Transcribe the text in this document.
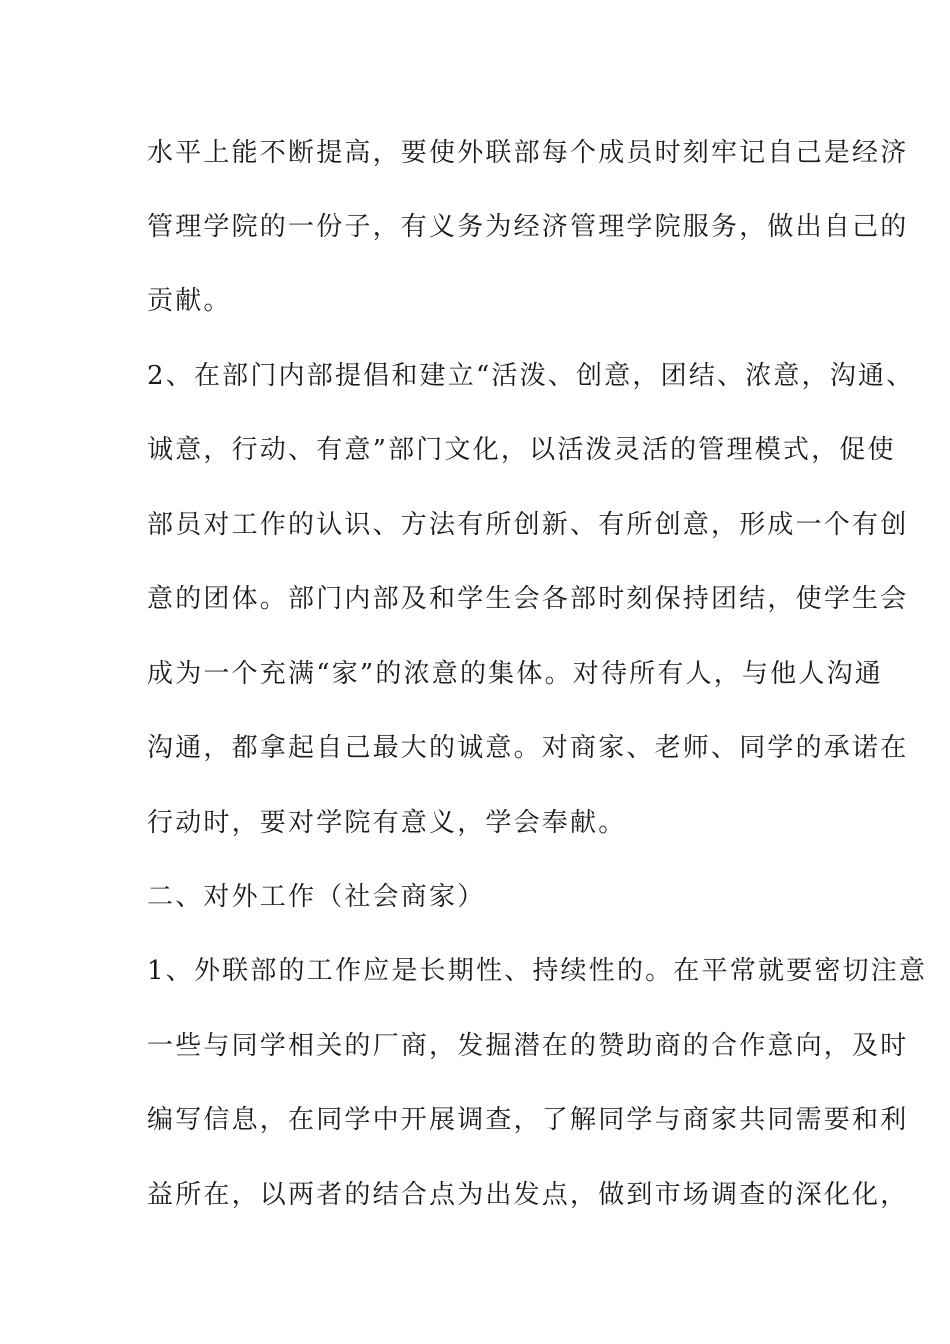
水平上能不断提高，要使外联部每个成员时刻牢记自己是经济
管理学院的一份子，有义务为经济管理学院服务，做出自己的
贡献。
2、在部门内部提倡和建立“活泼、创意，团结、浓意，沟通、
诚意，行动、有意”部门文化，以活泼灵活的管理模式，促使
部员对工作的认识、方法有所创新、有所创意，形成一个有创
意的团体。部门内部及和学生会各部时刻保持团结，使学生会
成为一个充满“家”的浓意的集体。对待所有人，与他人沟通
沟通，都拿起自己最大的诚意。对商家、老师、同学的承诺在
行动时，要对学院有意义，学会奉献。
二、对外工作（社会商家）
1、外联部的工作应是长期性、持续性的。在平常就要密切注意
一些与同学相关的厂商，发掘潜在的赞助商的合作意向，及时
编写信息，在同学中开展调查，了解同学与商家共同需要和利
益所在，以两者的结合点为出发点，做到市场调查的深化化，
